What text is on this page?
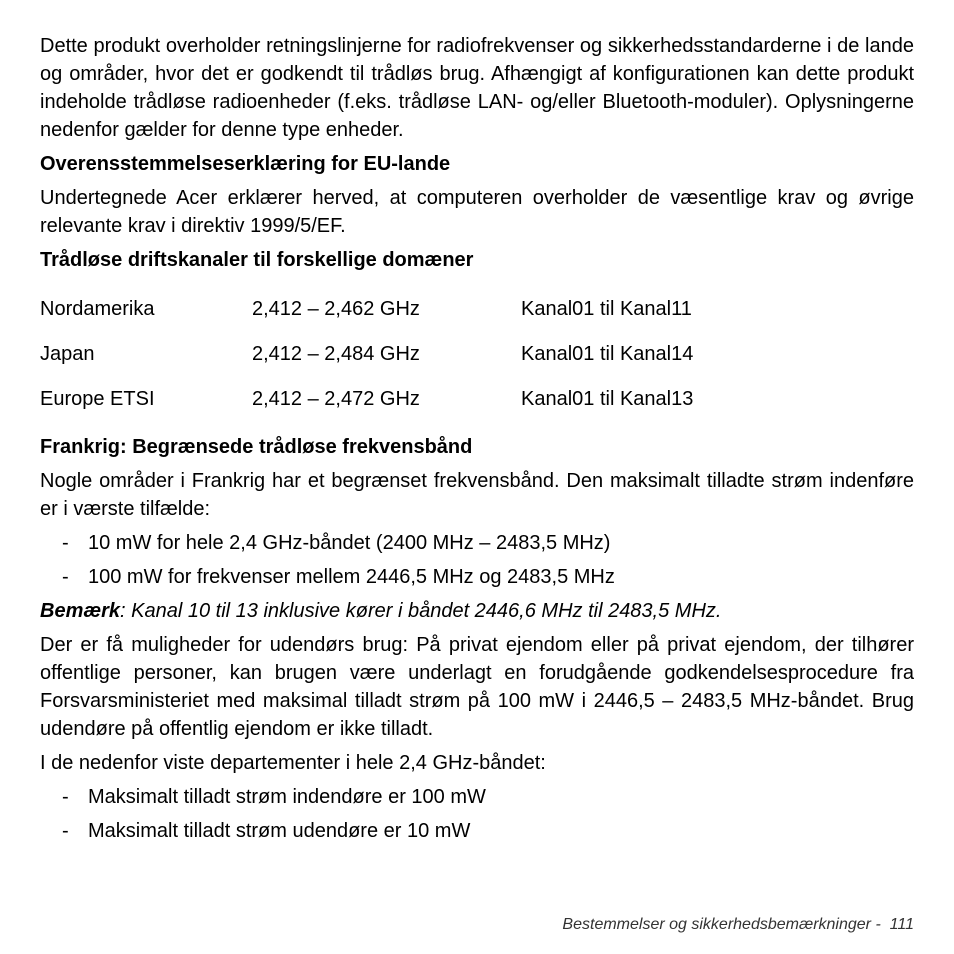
Dette produkt overholder retningslinjerne for radiofrekvenser og sikkerhedsstandarderne i de lande og områder, hvor det er godkendt til trådløs brug. Afhængigt af konfigurationen kan dette produkt indeholde trådløse radioenheder (f.eks. trådløse LAN- og/eller Bluetooth-moduler). Oplysningerne nedenfor gælder for denne type enheder.

Overensstemmelseserklæring for EU-lande

Undertegnede Acer erklærer herved, at computeren overholder de væsentlige krav og øvrige relevante krav i direktiv 1999/5/EF.

Trådløse driftskanaler til forskellige domæner

Nordamerika	2,412 – 2,462 GHz	Kanal01 til Kanal11
Japan	2,412 – 2,484 GHz	Kanal01 til Kanal14
Europe ETSI	2,412 – 2,472 GHz	Kanal01 til Kanal13

Frankrig: Begrænsede trådløse frekvensbånd

Nogle områder i Frankrig har et begrænset frekvensbånd. Den maksimalt tilladte strøm indenføre er i værste tilfælde:

- 10 mW for hele 2,4 GHz-båndet (2400 MHz – 2483,5 MHz)
- 100 mW for frekvenser mellem 2446,5 MHz og 2483,5 MHz

Bemærk: Kanal 10 til 13 inklusive kører i båndet 2446,6 MHz til 2483,5 MHz.

Der er få muligheder for udendørs brug: På privat ejendom eller på privat ejendom, der tilhører offentlige personer, kan brugen være underlagt en forudgående godkendelsesprocedure fra Forsvarsministeriet med maksimal tilladt strøm på 100 mW i 2446,5 – 2483,5 MHz-båndet. Brug udendøre på offentlig ejendom er ikke tilladt.

I de nedenfor viste departementer i hele 2,4 GHz-båndet:

- Maksimalt tilladt strøm indendøre er 100 mW
- Maksimalt tilladt strøm udendøre er 10 mW
Bestemmelser og sikkerhedsbemærkninger -  111
